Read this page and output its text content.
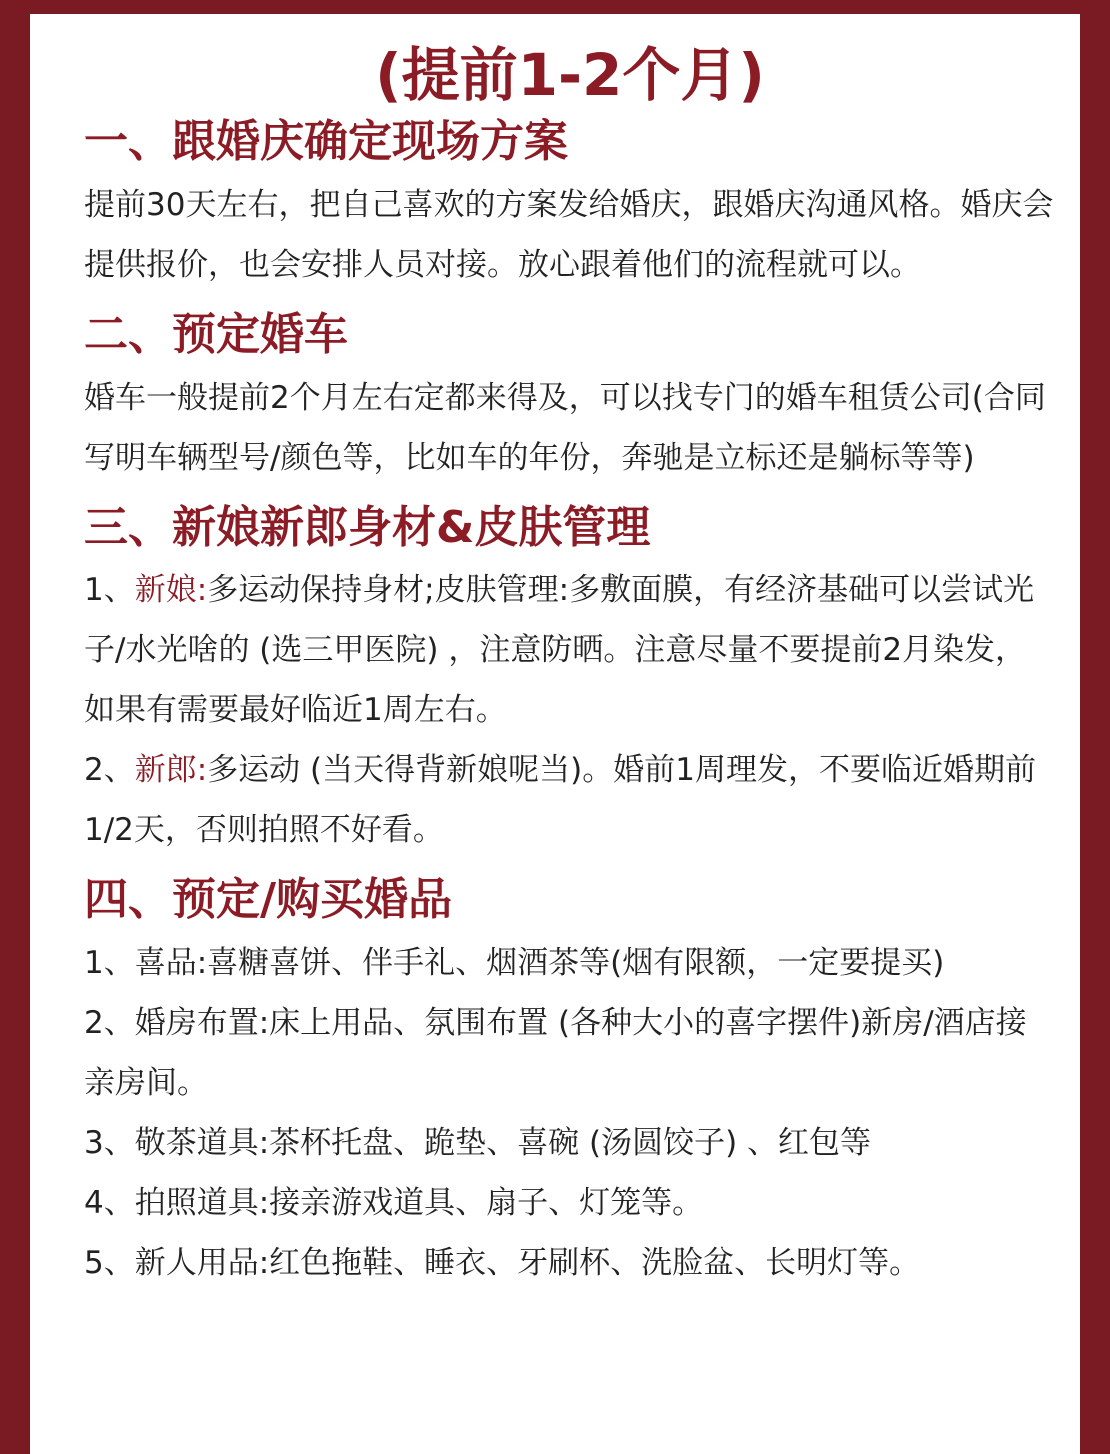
(提前1-2个月)
一、跟婚庆确定现场方案

提前30天左右，把自己喜欢的方案发给婚庆，跟婚庆沟通风格。婚庆会提供报价，也会安排人员对接。放心跟着他们的流程就可以。

二、预定婚车

婚车一般提前2个月左右定都来得及，可以找专门的婚车租赁公司(合同写明车辆型号/颜色等，比如车的年份，奔驰是立标还是躺标等等)

三、新娘新郎身材&皮肤管理

1、新娘:多运动保持身材;皮肤管理:多敷面膜，有经济基础可以尝试光子/水光啥的 (选三甲医院) ，注意防晒。注意尽量不要提前2月染发，如果有需要最好临近1周左右。

2、新郎:多运动 (当天得背新娘呢当)。婚前1周理发，不要临近婚期前1/2天，否则拍照不好看。

四、预定/购买婚品

1、喜品:喜糖喜饼、伴手礼、烟酒茶等(烟有限额，一定要提买)

2、婚房布置:床上用品、氛围布置 (各种大小的喜字摆件)新房/酒店接亲房间。

3、敬茶道具:茶杯托盘、跪垫、喜碗 (汤圆饺子) 、红包等

4、拍照道具:接亲游戏道具、扇子、灯笼等。

5、新人用品:红色拖鞋、睡衣、牙刷杯、洗脸盆、长明灯等。
